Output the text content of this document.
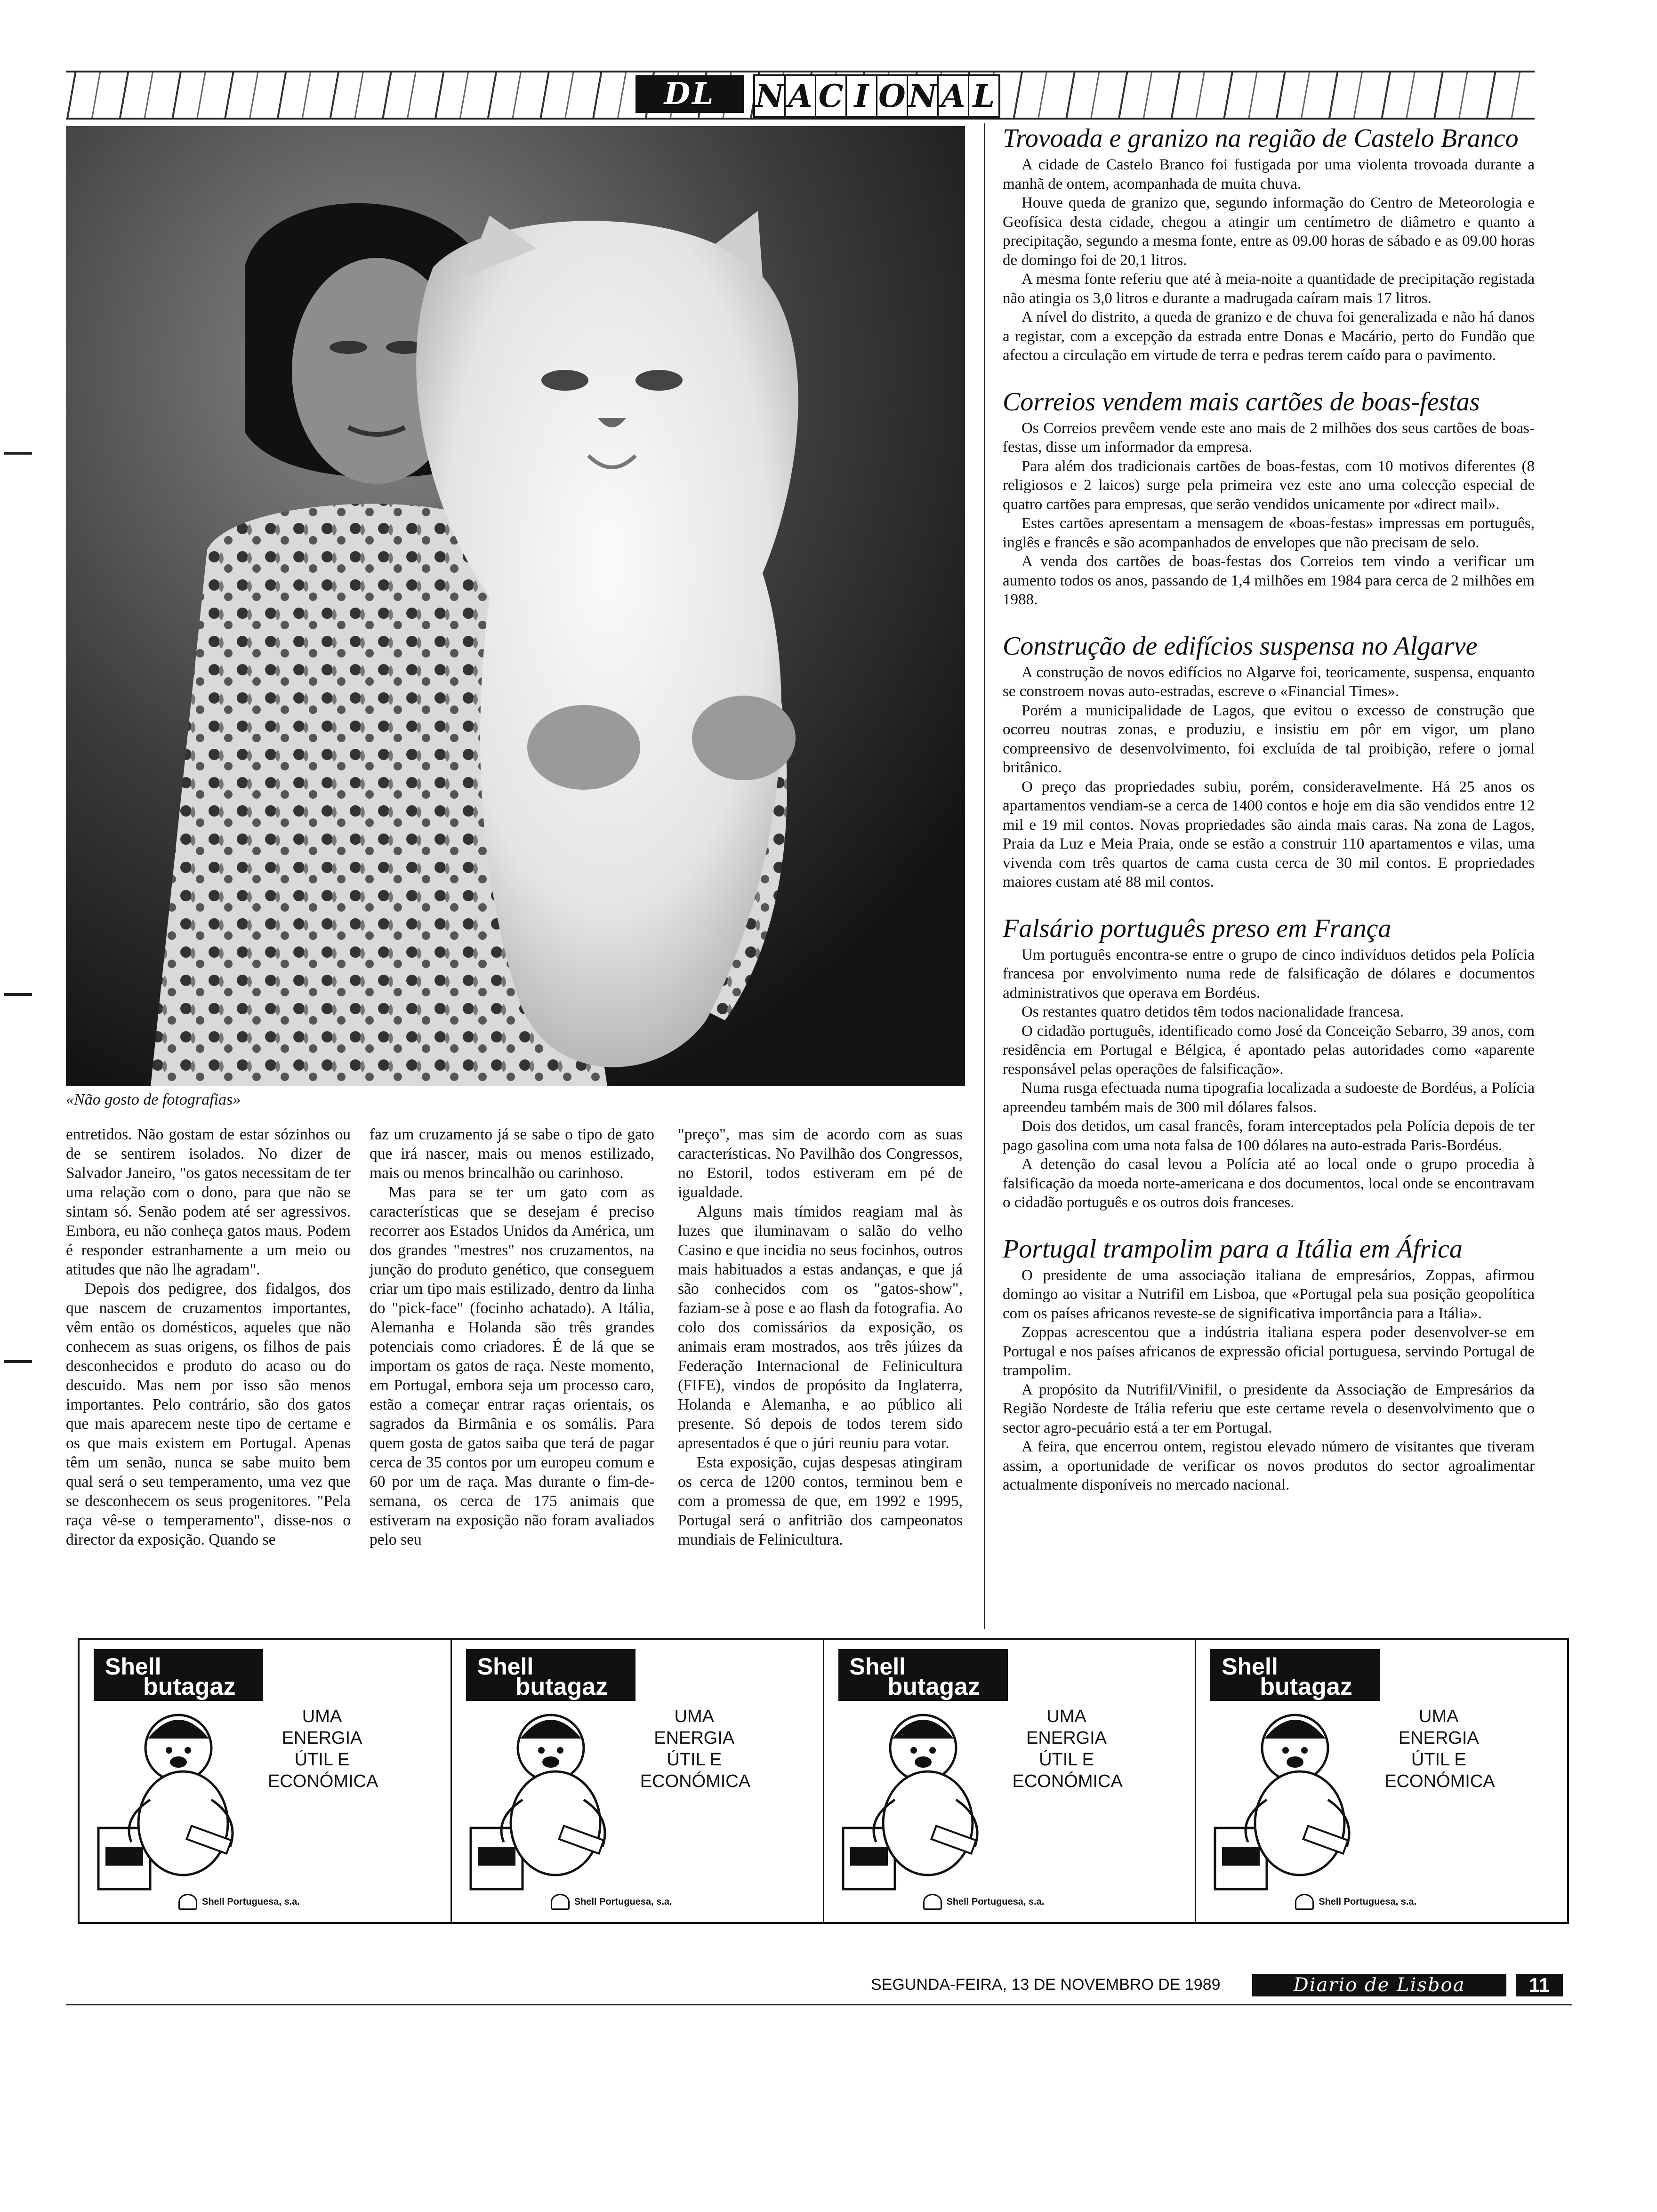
DL	N A C I O N A L
«Não gosto de fotografias»

entretidos. Não gostam de estar sózinhos ou de se sentirem isolados. No dizer de Salvador Janeiro, "os gatos necessitam de ter uma relação com o dono, para que não se sintam só. Senão podem até ser agressivos. Embora, eu não conheça gatos maus. Podem é responder estranhamente a um meio ou atitudes que não lhe agradam".

Depois dos pedigree, dos fidalgos, dos que nascem de cruzamentos importantes, vêm então os domésticos, aqueles que não conhecem as suas origens, os filhos de pais desconhecidos e produto do acaso ou do descuido. Mas nem por isso são menos importantes. Pelo contrário, são dos gatos que mais aparecem neste tipo de certame e os que mais existem em Portugal. Apenas têm um senão, nunca se sabe muito bem qual será o seu temperamento, uma vez que se desconhecem os seus progenitores. "Pela raça vê-se o temperamento", disse-nos o director da exposição. Quando se

faz um cruzamento já se sabe o tipo de gato que irá nascer, mais ou menos estilizado, mais ou menos brincalhão ou carinhoso.

Mas para se ter um gato com as características que se desejam é preciso recorrer aos Estados Unidos da América, um dos grandes "mestres" nos cruzamentos, na junção do produto genético, que conseguem criar um tipo mais estilizado, dentro da linha do "pick-face" (focinho achatado). A Itália, Alemanha e Holanda são três grandes potenciais como criadores. É de lá que se importam os gatos de raça. Neste momento, em Portugal, embora seja um processo caro, estão a começar entrar raças orientais, os sagrados da Birmânia e os somális. Para quem gosta de gatos saiba que terá de pagar cerca de 35 contos por um europeu comum e 60 por um de raça. Mas durante o fim-de-semana, os cerca de 175 animais que estiveram na exposição não foram avaliados pelo seu

"preço", mas sim de acordo com as suas características. No Pavilhão dos Congressos, no Estoril, todos estiveram em pé de igualdade.

Alguns mais tímidos reagiam mal às luzes que iluminavam o salão do velho Casino e que incidia no seus focinhos, outros mais habituados a estas andanças, e que já são conhecidos com os "gatos-show", faziam-se à pose e ao flash da fotografia. Ao colo dos comissários da exposição, os animais eram mostrados, aos três júizes da Federação Internacional de Felinicultura (FIFE), vindos de propósito da Inglaterra, Holanda e Alemanha, e ao público ali presente. Só depois de todos terem sido apresentados é que o júri reuniu para votar.

Esta exposição, cujas despesas atingiram os cerca de 1200 contos, terminou bem e com a promessa de que, em 1992 e 1995, Portugal será o anfitrião dos campeonatos mundiais de Felinicultura.

Trovoada e granizo na região de Castelo Branco

A cidade de Castelo Branco foi fustigada por uma violenta trovoada durante a manhã de ontem, acompanhada de muita chuva.

Houve queda de granizo que, segundo informação do Centro de Meteorologia e Geofísica desta cidade, chegou a atingir um centímetro de diâmetro e quanto a precipitação, segundo a mesma fonte, entre as 09.00 horas de sábado e as 09.00 horas de domingo foi de 20,1 litros.

A mesma fonte referiu que até à meia-noite a quantidade de precipitação registada não atingia os 3,0 litros e durante a madrugada caíram mais 17 litros.

A nível do distrito, a queda de granizo e de chuva foi generalizada e não há danos a registar, com a excepção da estrada entre Donas e Macário, perto do Fundão que afectou a circulação em virtude de terra e pedras terem caído para o pavimento.

Correios vendem mais cartões de boas-festas

Os Correios prevêem vende este ano mais de 2 milhões dos seus cartões de boas-festas, disse um informador da empresa.

Para além dos tradicionais cartões de boas-festas, com 10 motivos diferentes (8 religiosos e 2 laicos) surge pela primeira vez este ano uma colecção especial de quatro cartões para empresas, que serão vendidos unicamente por «direct mail».

Estes cartões apresentam a mensagem de «boas-festas» impressas em português, inglês e francês e são acompanhados de envelopes que não precisam de selo.

A venda dos cartões de boas-festas dos Correios tem vindo a verificar um aumento todos os anos, passando de 1,4 milhões em 1984 para cerca de 2 milhões em 1988.

Construção de edifícios suspensa no Algarve

A construção de novos edifícios no Algarve foi, teoricamente, suspensa, enquanto se constroem novas auto-estradas, escreve o «Financial Times».

Porém a municipalidade de Lagos, que evitou o excesso de construção que ocorreu noutras zonas, e produziu, e insistiu em pôr em vigor, um plano compreensivo de desenvolvimento, foi excluída de tal proibição, refere o jornal britânico.

O preço das propriedades subiu, porém, consideravelmente. Há 25 anos os apartamentos vendiam-se a cerca de 1400 contos e hoje em dia são vendidos entre 12 mil e 19 mil contos. Novas propriedades são ainda mais caras. Na zona de Lagos, Praia da Luz e Meia Praia, onde se estão a construir 110 apartamentos e vilas, uma vivenda com três quartos de cama custa cerca de 30 mil contos. E propriedades maiores custam até 88 mil contos.

Falsário português preso em França

Um português encontra-se entre o grupo de cinco indivíduos detidos pela Polícia francesa por envolvimento numa rede de falsificação de dólares e documentos administrativos que operava em Bordéus.

Os restantes quatro detidos têm todos nacionalidade francesa.

O cidadão português, identificado como José da Conceição Sebarro, 39 anos, com residência em Portugal e Bélgica, é apontado pelas autoridades como «aparente responsável pelas operações de falsificação».

Numa rusga efectuada numa tipografia localizada a sudoeste de Bordéus, a Polícia apreendeu também mais de 300 mil dólares falsos.

Dois dos detidos, um casal francês, foram interceptados pela Polícia depois de ter pago gasolina com uma nota falsa de 100 dólares na auto-estrada Paris-Bordéus.

A detenção do casal levou a Polícia até ao local onde o grupo procedia à falsificação da moeda norte-americana e dos documentos, local onde se encontravam o cidadão português e os outros dois franceses.

Portugal trampolim para a Itália em África

O presidente de uma associação italiana de empresários, Zoppas, afirmou domingo ao visitar a Nutrifil em Lisboa, que «Portugal pela sua posição geopolítica com os países africanos reveste-se de significativa importância para a Itália».

Zoppas acrescentou que a indústria italiana espera poder desenvolver-se em Portugal e nos países africanos de expressão oficial portuguesa, servindo Portugal de trampolim.

A propósito da Nutrifil/Vinifil, o presidente da Associação de Empresários da Região Nordeste de Itália referiu que este certame revela o desenvolvimento que o sector agro-pecuário está a ter em Portugal.

A feira, que encerrou ontem, registou elevado número de visitantes que tiveram assim, a oportunidade de verificar os novos produtos do sector agroalimentar actualmente disponíveis no mercado nacional.

Shell
butagaz
UMA
ENERGIA
ÚTIL E
ECONÓMICA
Shell Portuguesa, s.a.
Shell
butagaz
UMA
ENERGIA
ÚTIL E
ECONÓMICA
Shell Portuguesa, s.a.
Shell
butagaz
UMA
ENERGIA
ÚTIL E
ECONÓMICA
Shell Portuguesa, s.a.
Shell
butagaz
UMA
ENERGIA
ÚTIL E
ECONÓMICA
Shell Portuguesa, s.a.
SEGUNDA-FEIRA, 13 DE NOVEMBRO DE 1989	Diario de Lisboa	11
